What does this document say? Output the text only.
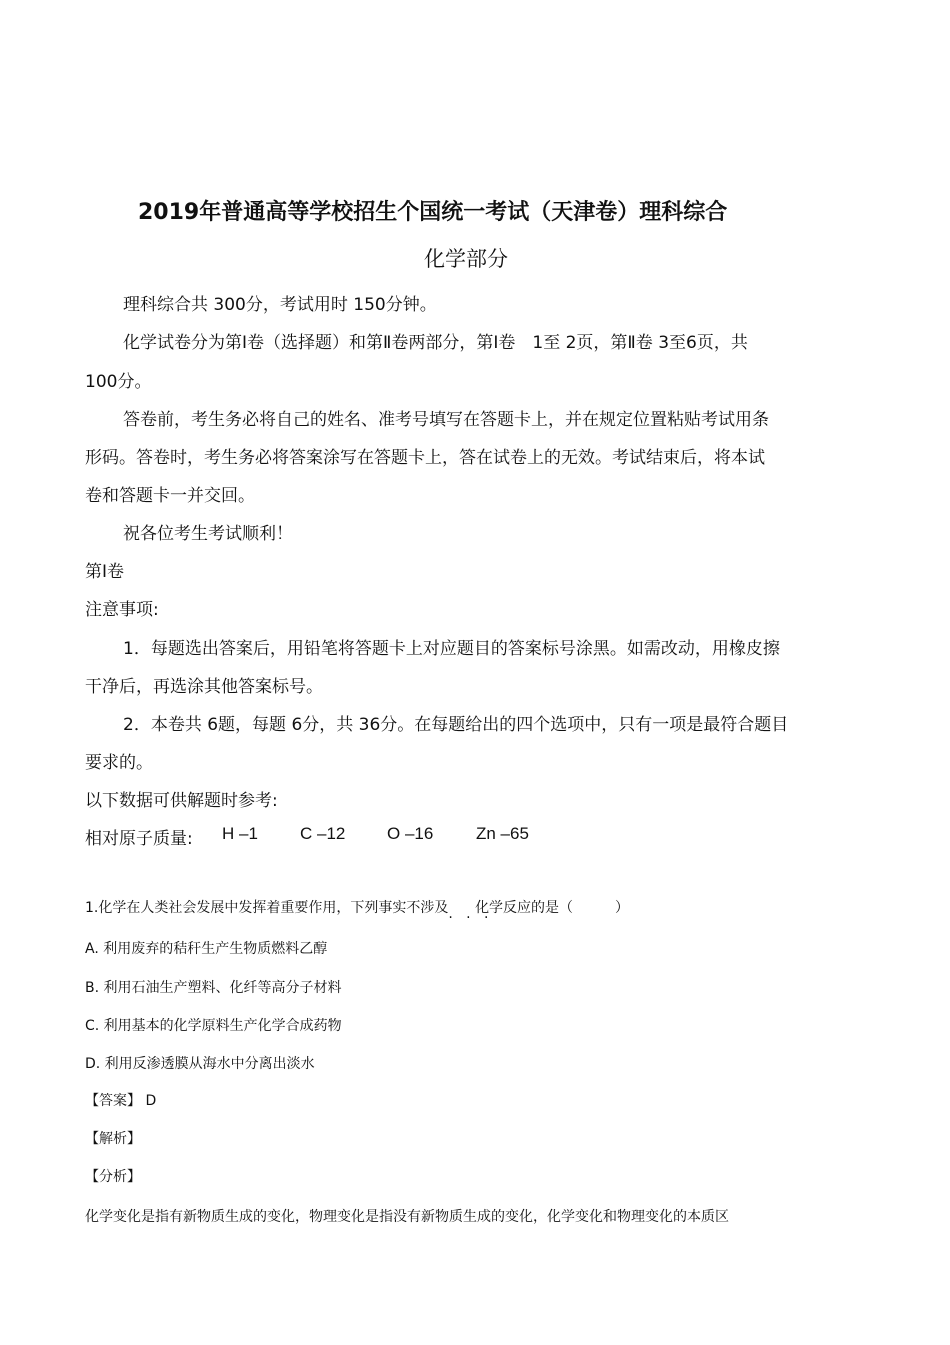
2019年普通高等学校招生个国统一考试（天津卷）理科综合
化学部分
理科综合共 300分，考试用时 150分钟。
化学试卷分为第Ⅰ卷（选择题）和第Ⅱ卷两部分，第Ⅰ卷　1至 2页，第Ⅱ卷 3至6页，共
100分。
答卷前，考生务必将自己的姓名、准考号填写在答题卡上，并在规定位置粘贴考试用条
形码。答卷时，考生务必将答案涂写在答题卡上，答在试卷上的无效。考试结束后，将本试
卷和答题卡一并交回。
祝各位考生考试顺利！
第Ⅰ卷
注意事项:
1．每题选出答案后，用铅笔将答题卡上对应题目的答案标号涂黑。如需改动，用橡皮擦
干净后，再选涂其他答案标号。
2．本卷共 6题，每题 6分，共 36分。在每题给出的四个选项中，只有一项是最符合题目
要求的。
以下数据可供解题时参考:
相对原子质量: H –1 C –12 O –16	Zn –65
1.化学在人类社会发展中发挥着重要作用，下列事实不涉及       ·   · 化学反应的是（　　　）
A. 利用废弃的秸秆生产生物质燃料乙醇
B. 利用石油生产塑料、化纤等高分子材料
C. 利用基本的化学原料生产化学合成药物
D. 利用反渗透膜从海水中分离出淡水
【答案】 D
【解析】
【分析】
化学变化是指有新物质生成的变化，物理变化是指没有新物质生成的变化，化学变化和物理变化的本质区
